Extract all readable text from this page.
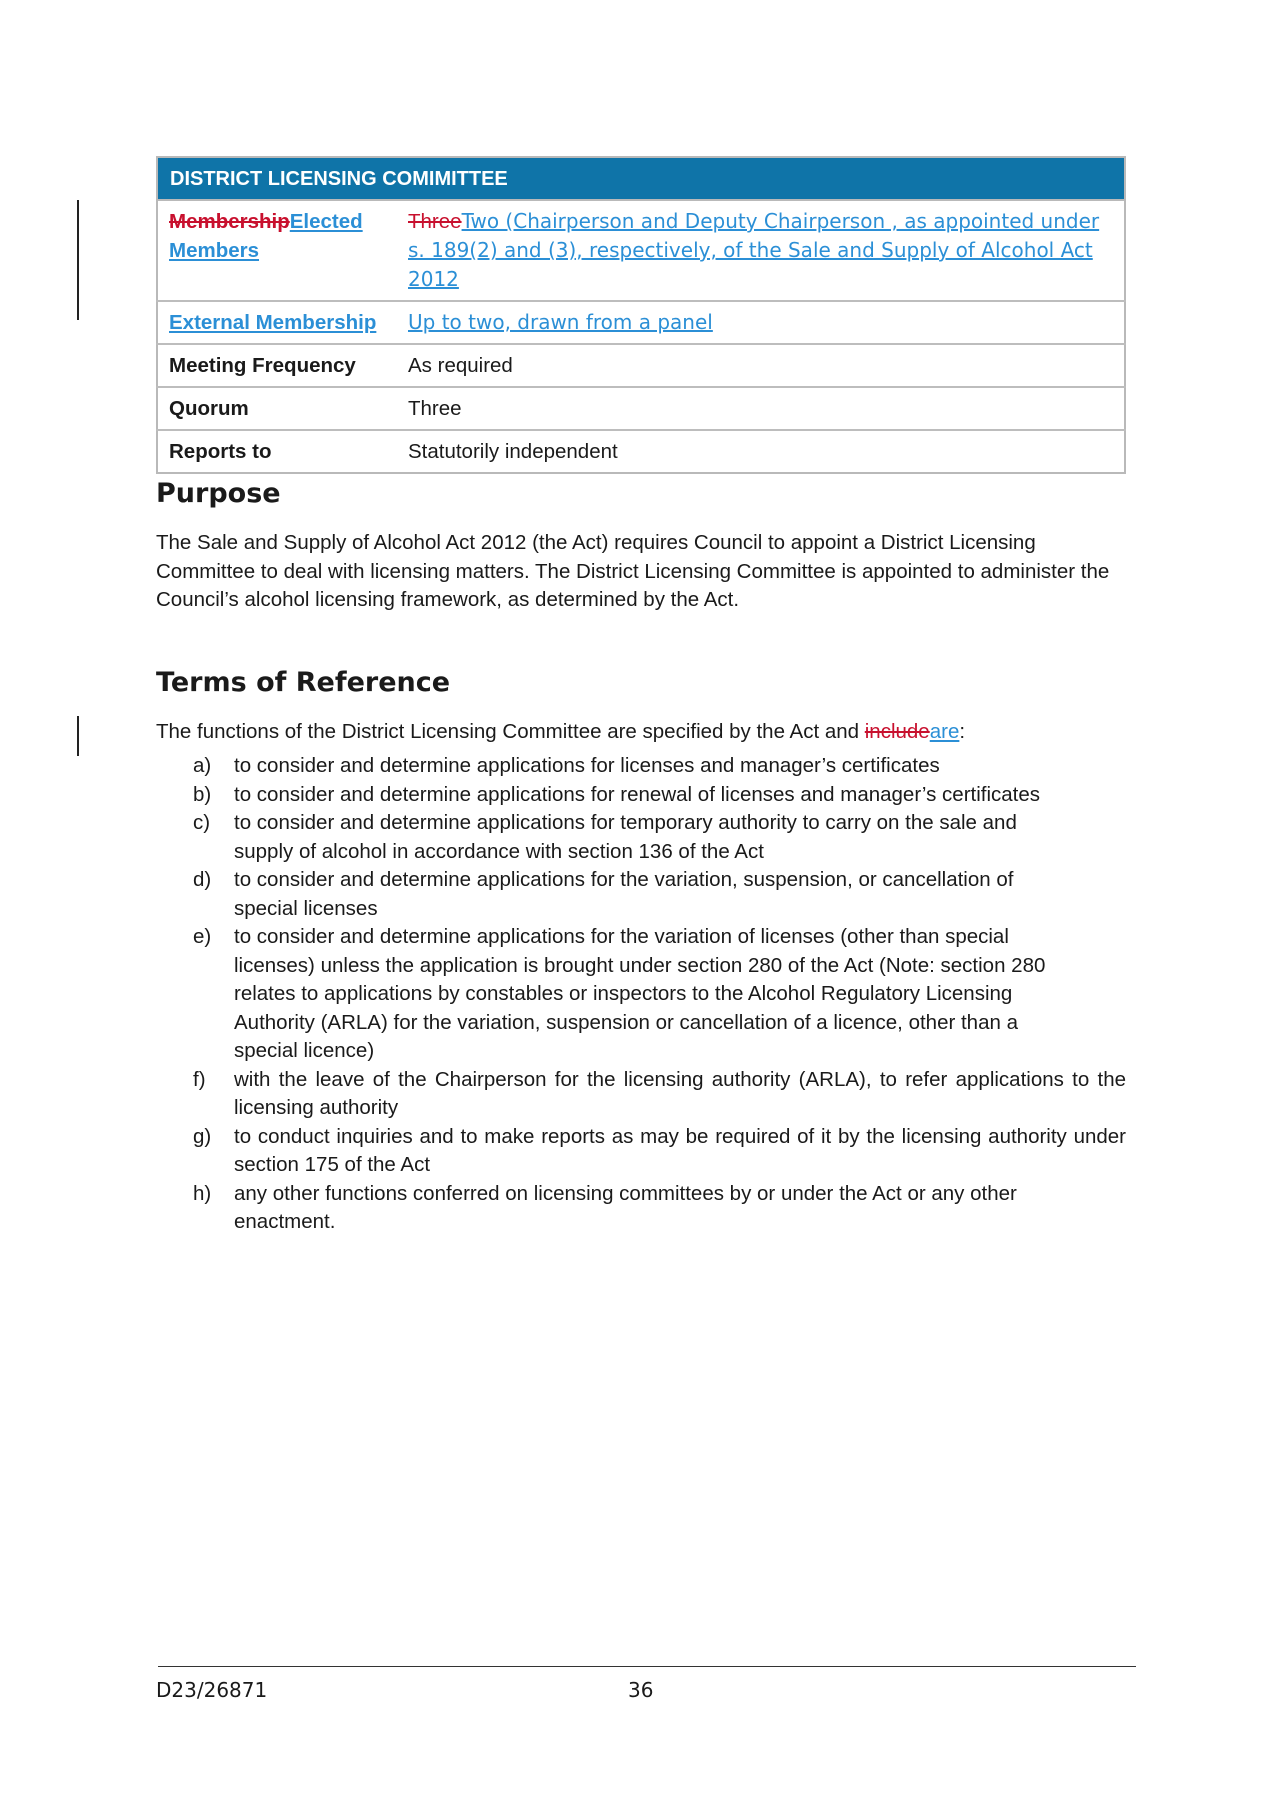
DISTRICT LICENSING COMIMITTEE	
MembershipElected Members	ThreeTwo (Chairperson and Deputy Chairperson , as appointed under s. 189(2) and (3), respectively, of the Sale and Supply of Alcohol Act 2012
External Membership	Up to two, drawn from a panel
Meeting Frequency	As required
Quorum	Three
Reports to	Statutorily independent
Purpose

The Sale and Supply of Alcohol Act 2012 (the Act) requires Council to appoint a District Licensing Committee to deal with licensing matters. The District Licensing Committee is appointed to administer the Council’s alcohol licensing framework, as determined by the Act.

Terms of Reference

The functions of the District Licensing Committee are specified by the Act and includeare:

a) to consider and determine applications for licenses and manager’s certificates
b) to consider and determine applications for renewal of licenses and manager’s certificates
c) to consider and determine applications for temporary authority to carry on the sale and supply of alcohol in accordance with section 136 of the Act
d) to consider and determine applications for the variation, suspension, or cancellation of special licenses
e) to consider and determine applications for the variation of licenses (other than special licenses) unless the application is brought under section 280 of the Act (Note: section 280 relates to applications by constables or inspectors to the Alcohol Regulatory Licensing Authority (ARLA) for the variation, suspension or cancellation of a licence, other than a special licence)
f) with the leave of the Chairperson for the licensing authority (ARLA), to refer applications to the licensing authority
g) to conduct inquiries and to make reports as may be required of it by the licensing authority under section 175 of the Act
h) any other functions conferred on licensing committees by or under the Act or any other enactment.
D23/26871	36
